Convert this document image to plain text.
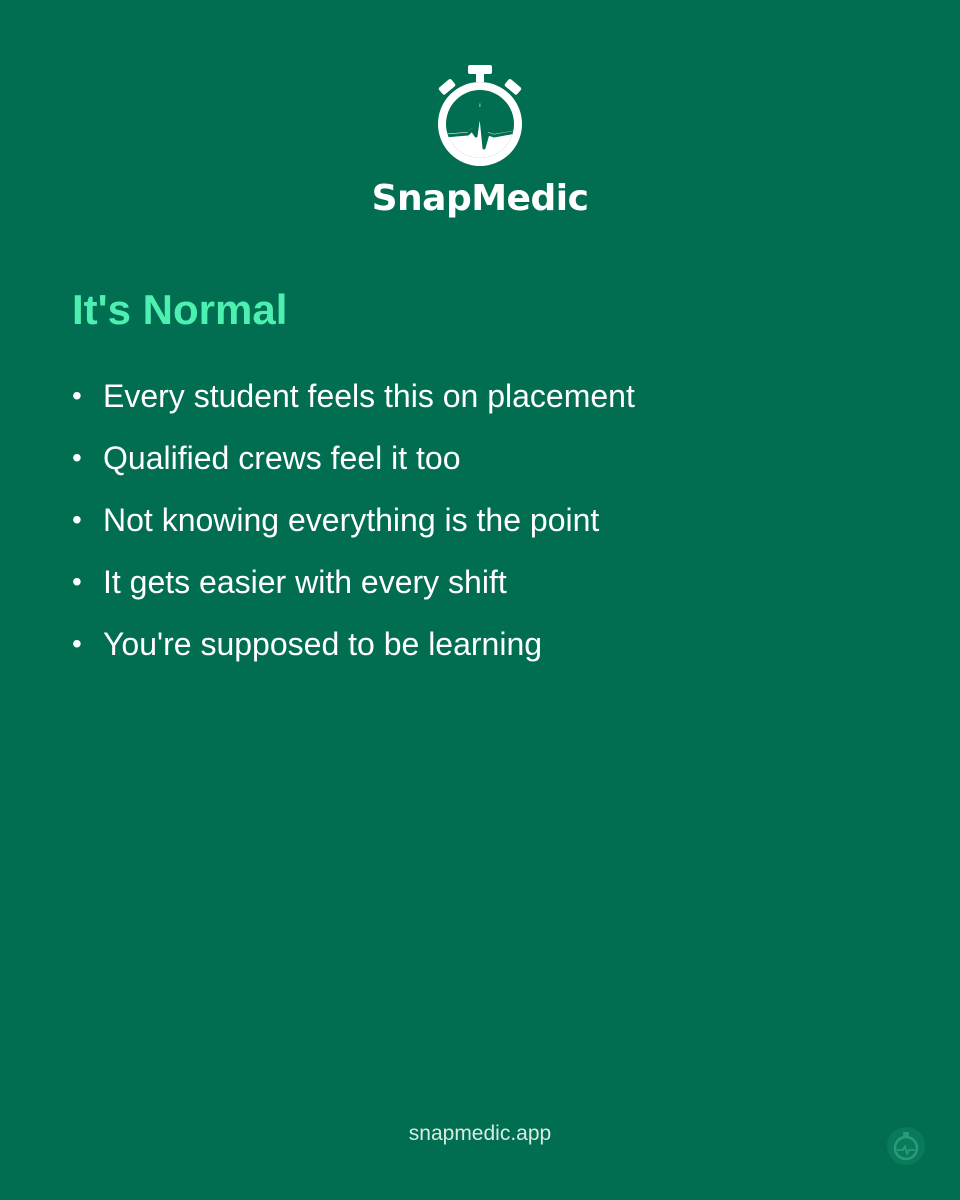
SnapMedic
It's Normal
• Every student feels this on placement
• Qualified crews feel it too
• Not knowing everything is the point
• It gets easier with every shift
• You're supposed to be learning
snapmedic.app
